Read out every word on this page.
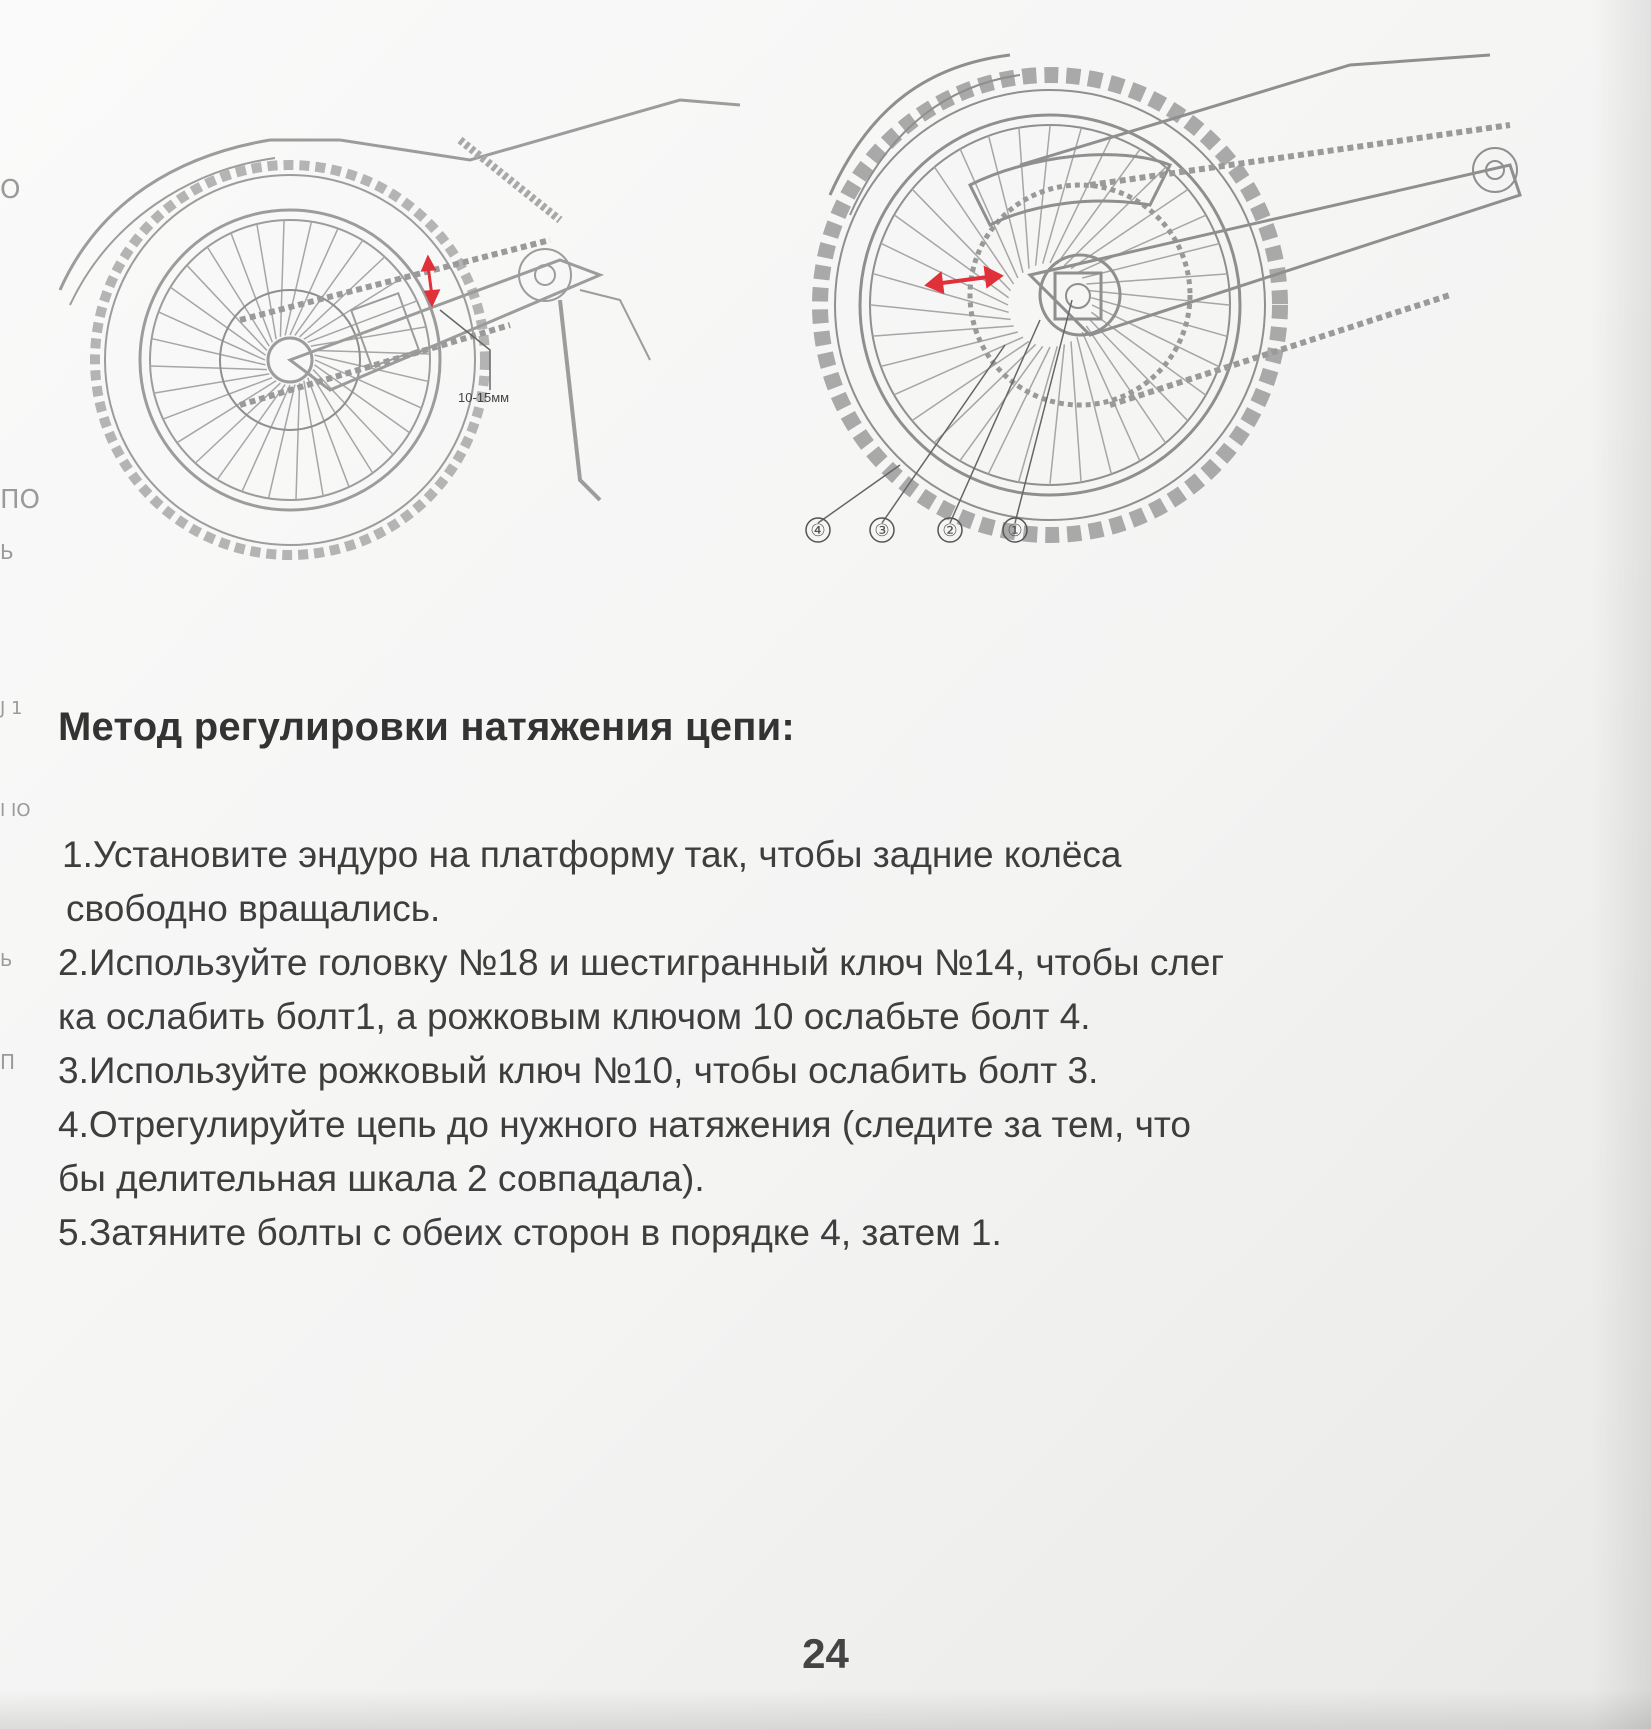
О
ПО
Ь
J 1
I IO
Ь
П
10-15мм
④	③	②	①
Метод регулировки натяжения цепи:

1.Установите эндуро на платформу так, чтобы задние колёса

свободно вращались.

2.Используйте головку №18 и шестигранный ключ №14, чтобы слег

ка ослабить болт1, а рожковым ключом 10 ослабьте болт 4.

3.Используйте рожковый ключ №10, чтобы ослабить болт 3.

4.Отрегулируйте цепь до нужного натяжения (следите за тем, что

бы делительная шкала 2 совпадала).

5.Затяните болты с обеих сторон в порядке 4, затем 1.

24
